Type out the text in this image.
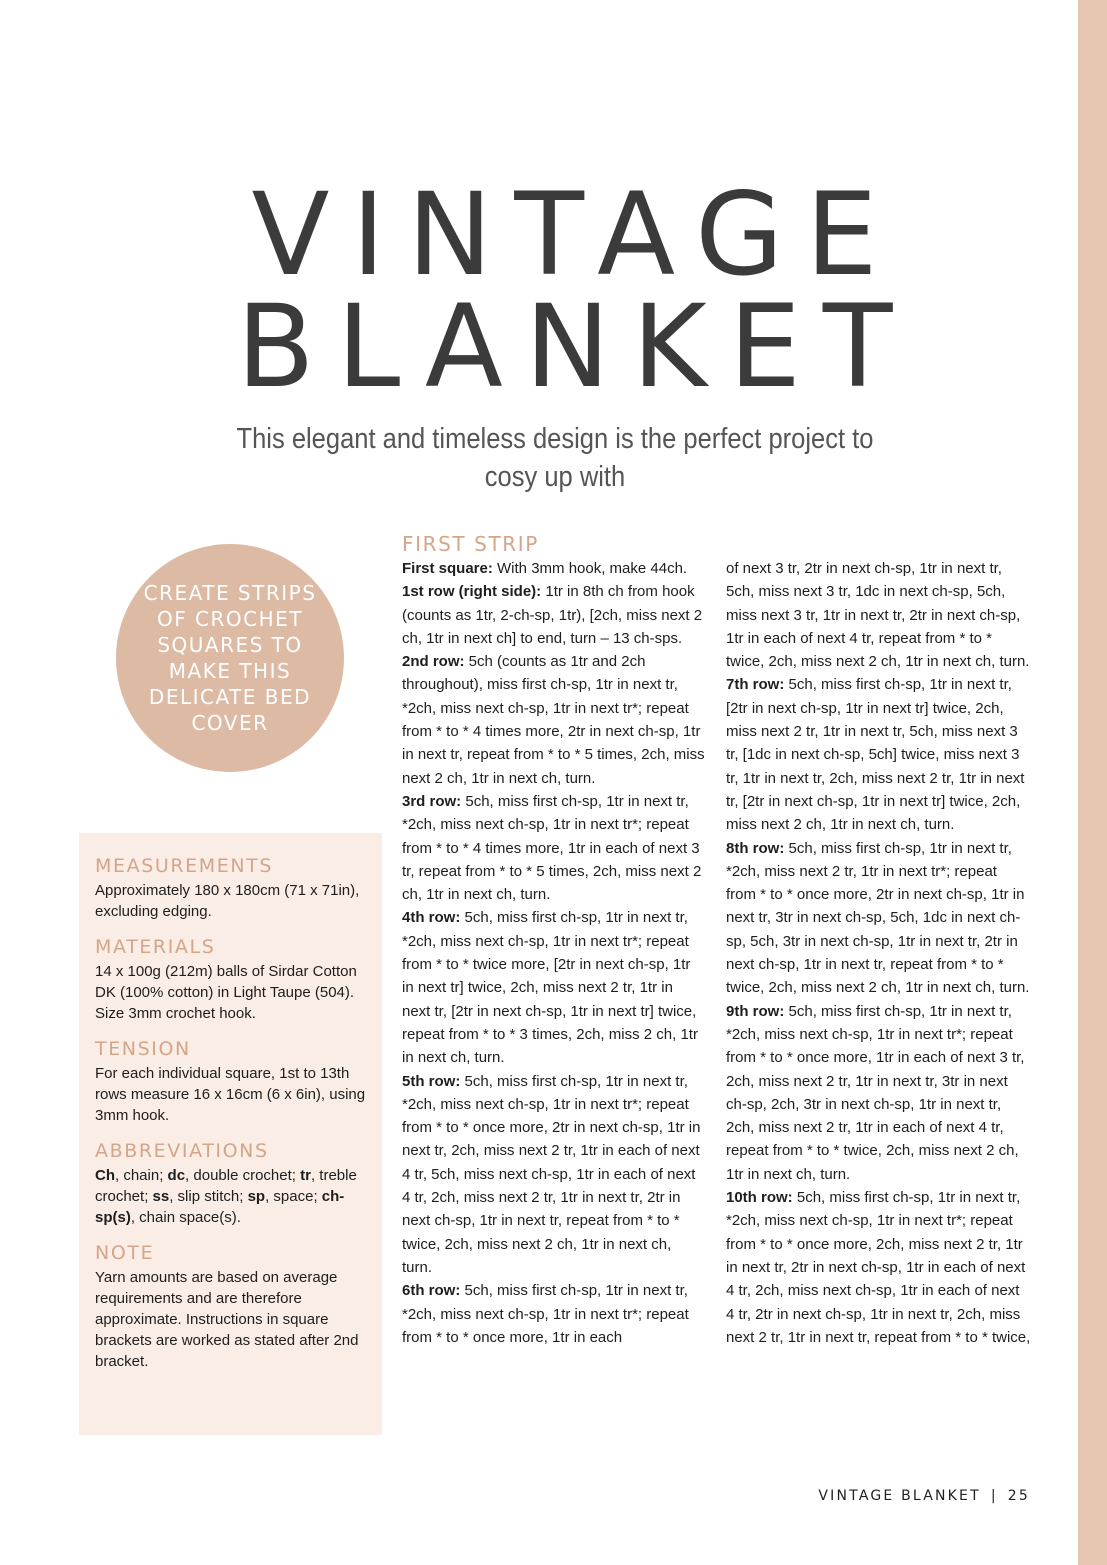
VINTAGE
BLANKET

This elegant and timeless design is the perfect project to cosy up with

CREATE STRIPS OF CROCHET SQUARES TO MAKE THIS DELICATE BED COVER
MEASUREMENTS

Approximately 180 x 180cm (71 x 71in), excluding edging.

MATERIALS

14 x 100g (212m) balls of Sirdar Cotton DK (100% cotton) in Light Taupe (504).
Size 3mm crochet hook.

TENSION

For each individual square, 1st to 13th rows measure 16 x 16cm (6 x 6in), using 3mm hook.

ABBREVIATIONS

Ch, chain; dc, double crochet; tr, treble crochet; ss, slip stitch; sp, space; ch-sp(s), chain space(s).

NOTE

Yarn amounts are based on average requirements and are therefore approximate. Instructions in square brackets are worked as stated after 2nd bracket.

FIRST STRIP

First square: With 3mm hook, make 44ch.

1st row (right side): 1tr in 8th ch from hook (counts as 1tr, 2-ch-sp, 1tr), [2ch, miss next 2 ch, 1tr in next ch] to end, turn – 13 ch-sps.

2nd row: 5ch (counts as 1tr and 2ch throughout), miss first ch-sp, 1tr in next tr, *2ch, miss next ch-sp, 1tr in next tr*; repeat from * to * 4 times more, 2tr in next ch-sp, 1tr in next tr, repeat from * to * 5 times, 2ch, miss next 2 ch, 1tr in next ch, turn.

3rd row: 5ch, miss first ch-sp, 1tr in next tr, *2ch, miss next ch-sp, 1tr in next tr*; repeat from * to * 4 times more, 1tr in each of next 3 tr, repeat from * to * 5 times, 2ch, miss next 2 ch, 1tr in next ch, turn.

4th row: 5ch, miss first ch-sp, 1tr in next tr, *2ch, miss next ch-sp, 1tr in next tr*; repeat from * to * twice more, [2tr in next ch-sp, 1tr in next tr] twice, 2ch, miss next 2 tr, 1tr in next tr, [2tr in next ch-sp, 1tr in next tr] twice, repeat from * to * 3 times, 2ch, miss 2 ch, 1tr in next ch, turn.

5th row: 5ch, miss first ch-sp, 1tr in next tr, *2ch, miss next ch-sp, 1tr in next tr*; repeat from * to * once more, 2tr in next ch-sp, 1tr in next tr, 2ch, miss next 2 tr, 1tr in each of next 4 tr, 5ch, miss next ch-sp, 1tr in each of next 4 tr, 2ch, miss next 2 tr, 1tr in next tr, 2tr in next ch-sp, 1tr in next tr, repeat from * to * twice, 2ch, miss next 2 ch, 1tr in next ch, turn.

6th row: 5ch, miss first ch-sp, 1tr in next tr, *2ch, miss next ch-sp, 1tr in next tr*; repeat from * to * once more, 1tr in each

of next 3 tr, 2tr in next ch-sp, 1tr in next tr, 5ch, miss next 3 tr, 1dc in next ch-sp, 5ch, miss next 3 tr, 1tr in next tr, 2tr in next ch-sp, 1tr in each of next 4 tr, repeat from * to * twice, 2ch, miss next 2 ch, 1tr in next ch, turn.

7th row: 5ch, miss first ch-sp, 1tr in next tr, [2tr in next ch-sp, 1tr in next tr] twice, 2ch, miss next 2 tr, 1tr in next tr, 5ch, miss next 3 tr, [1dc in next ch-sp, 5ch] twice, miss next 3 tr, 1tr in next tr, 2ch, miss next 2 tr, 1tr in next tr, [2tr in next ch-sp, 1tr in next tr] twice, 2ch, miss next 2 ch, 1tr in next ch, turn.

8th row: 5ch, miss first ch-sp, 1tr in next tr, *2ch, miss next 2 tr, 1tr in next tr*; repeat from * to * once more, 2tr in next ch-sp, 1tr in next tr, 3tr in next ch-sp, 5ch, 1dc in next ch-sp, 5ch, 3tr in next ch-sp, 1tr in next tr, 2tr in next ch-sp, 1tr in next tr, repeat from * to * twice, 2ch, miss next 2 ch, 1tr in next ch, turn.

9th row: 5ch, miss first ch-sp, 1tr in next tr, *2ch, miss next ch-sp, 1tr in next tr*; repeat from * to * once more, 1tr in each of next 3 tr, 2ch, miss next 2 tr, 1tr in next tr, 3tr in next ch-sp, 2ch, 3tr in next ch-sp, 1tr in next tr, 2ch, miss next 2 tr, 1tr in each of next 4 tr, repeat from * to * twice, 2ch, miss next 2 ch, 1tr in next ch, turn.

10th row: 5ch, miss first ch-sp, 1tr in next tr, *2ch, miss next ch-sp, 1tr in next tr*; repeat from * to * once more, 2ch, miss next 2 tr, 1tr in next tr, 2tr in next ch-sp, 1tr in each of next 4 tr, 2ch, miss next ch-sp, 1tr in each of next 4 tr, 2tr in next ch-sp, 1tr in next tr, 2ch, miss next 2 tr, 1tr in next tr, repeat from * to * twice,

VINTAGE BLANKET | 25
